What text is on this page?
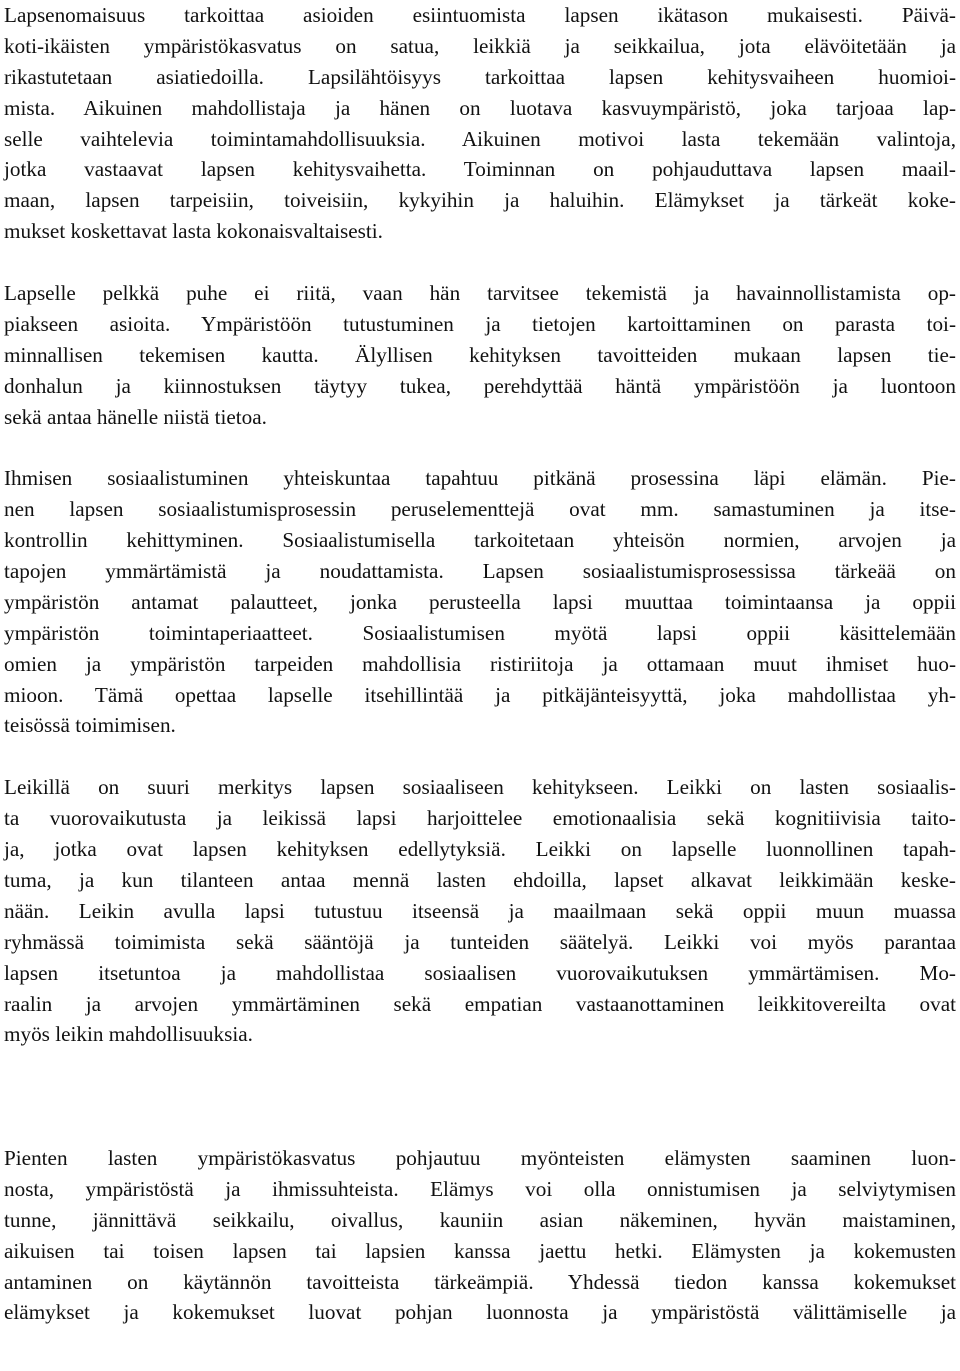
Lapsenomaisuus tarkoittaa asioiden esiintuomista lapsen ikätason mukaisesti. Päivä-
koti-ikäisten ympäristökasvatus on satua, leikkiä ja seikkailua, jota elävöitetään ja
rikastutetaan asiatiedoilla. Lapsilähtöisyys tarkoittaa lapsen kehitysvaiheen huomioi-
mista. Aikuinen mahdollistaja ja hänen on luotava kasvuympäristö, joka tarjoaa lap-
selle vaihtelevia toimintamahdollisuuksia. Aikuinen motivoi lasta tekemään valintoja,
jotka vastaavat lapsen kehitysvaihetta. Toiminnan on pohjauduttava lapsen maail-
maan, lapsen tarpeisiin, toiveisiin, kykyihin ja haluihin. Elämykset ja tärkeät koke-
mukset koskettavat lasta kokonaisvaltaisesti.
Lapselle pelkkä puhe ei riitä, vaan hän tarvitsee tekemistä ja havainnollistamista op-
piakseen asioita. Ympäristöön tutustuminen ja tietojen kartoittaminen on parasta toi-
minnallisen tekemisen kautta. Älyllisen kehityksen tavoitteiden mukaan lapsen tie-
donhalun ja kiinnostuksen täytyy tukea, perehdyttää häntä ympäristöön ja luontoon
sekä antaa hänelle niistä tietoa.
Ihmisen sosiaalistuminen yhteiskuntaa tapahtuu pitkänä prosessina läpi elämän. Pie-
nen lapsen sosiaalistumisprosessin peruselementtejä ovat mm. samastuminen ja itse-
kontrollin kehittyminen. Sosiaalistumisella tarkoitetaan yhteisön normien, arvojen ja
tapojen ymmärtämistä ja noudattamista. Lapsen sosiaalistumisprosessissa tärkeää on
ympäristön antamat palautteet, jonka perusteella lapsi muuttaa toimintaansa ja oppii
ympäristön toimintaperiaatteet. Sosiaalistumisen myötä lapsi oppii käsittelemään
omien ja ympäristön tarpeiden mahdollisia ristiriitoja ja ottamaan muut ihmiset huo-
mioon. Tämä opettaa lapselle itsehillintää ja pitkäjänteisyyttä, joka mahdollistaa yh-
teisössä toimimisen.
Leikillä on suuri merkitys lapsen sosiaaliseen kehitykseen. Leikki on lasten sosiaalis-
ta vuorovaikutusta ja leikissä lapsi harjoittelee emotionaalisia sekä kognitiivisia taito-
ja, jotka ovat lapsen kehityksen edellytyksiä. Leikki on lapselle luonnollinen tapah-
tuma, ja kun tilanteen antaa mennä lasten ehdoilla, lapset alkavat leikkimään keske-
nään. Leikin avulla lapsi tutustuu itseensä ja maailmaan sekä oppii muun muassa
ryhmässä toimimista sekä sääntöjä ja tunteiden säätelyä. Leikki voi myös parantaa
lapsen itsetuntoa ja mahdollistaa sosiaalisen vuorovaikutuksen ymmärtämisen. Mo-
raalin ja arvojen ymmärtäminen sekä empatian vastaanottaminen leikkitovereilta ovat
myös leikin mahdollisuuksia.
Pienten lasten ympäristökasvatus pohjautuu myönteisten elämysten saaminen luon-
nosta, ympäristöstä ja ihmissuhteista. Elämys voi olla onnistumisen ja selviytymisen
tunne, jännittävä seikkailu, oivallus, kauniin asian näkeminen, hyvän maistaminen,
aikuisen tai toisen lapsen tai lapsien kanssa jaettu hetki. Elämysten ja kokemusten
antaminen on käytännön tavoitteista tärkeämpiä. Yhdessä tiedon kanssa kokemukset
elämykset ja kokemukset luovat pohjan luonnosta ja ympäristöstä välittämiselle ja
